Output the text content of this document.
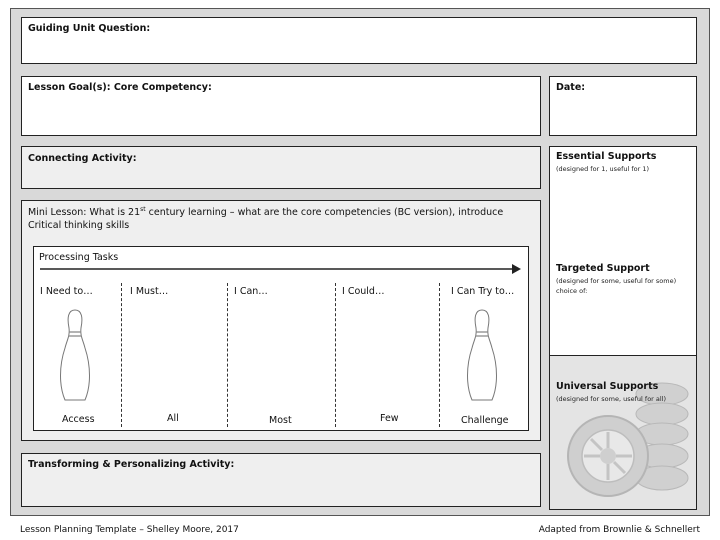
Guiding Unit Question:
Lesson Goal(s): Core Competency:	Date:
Connecting Activity:	Essential Supports
(designed for 1, useful for 1)
Targeted Support
(designed for some, useful for some)
choice of:
Universal Supports
(designed for some, useful for all)
Mini Lesson: What is 21st century learning – what are the core competencies (BC version), introduce
Critical thinking skills
Processing Tasks
I Need to…	I Must…	I Can…	I Could…	I Can Try to…
Access	All	Most	Few	Challenge
Transforming & Personalizing Activity:
Lesson Planning Template – Shelley Moore, 2017	Adapted from Brownlie & Schnellert
